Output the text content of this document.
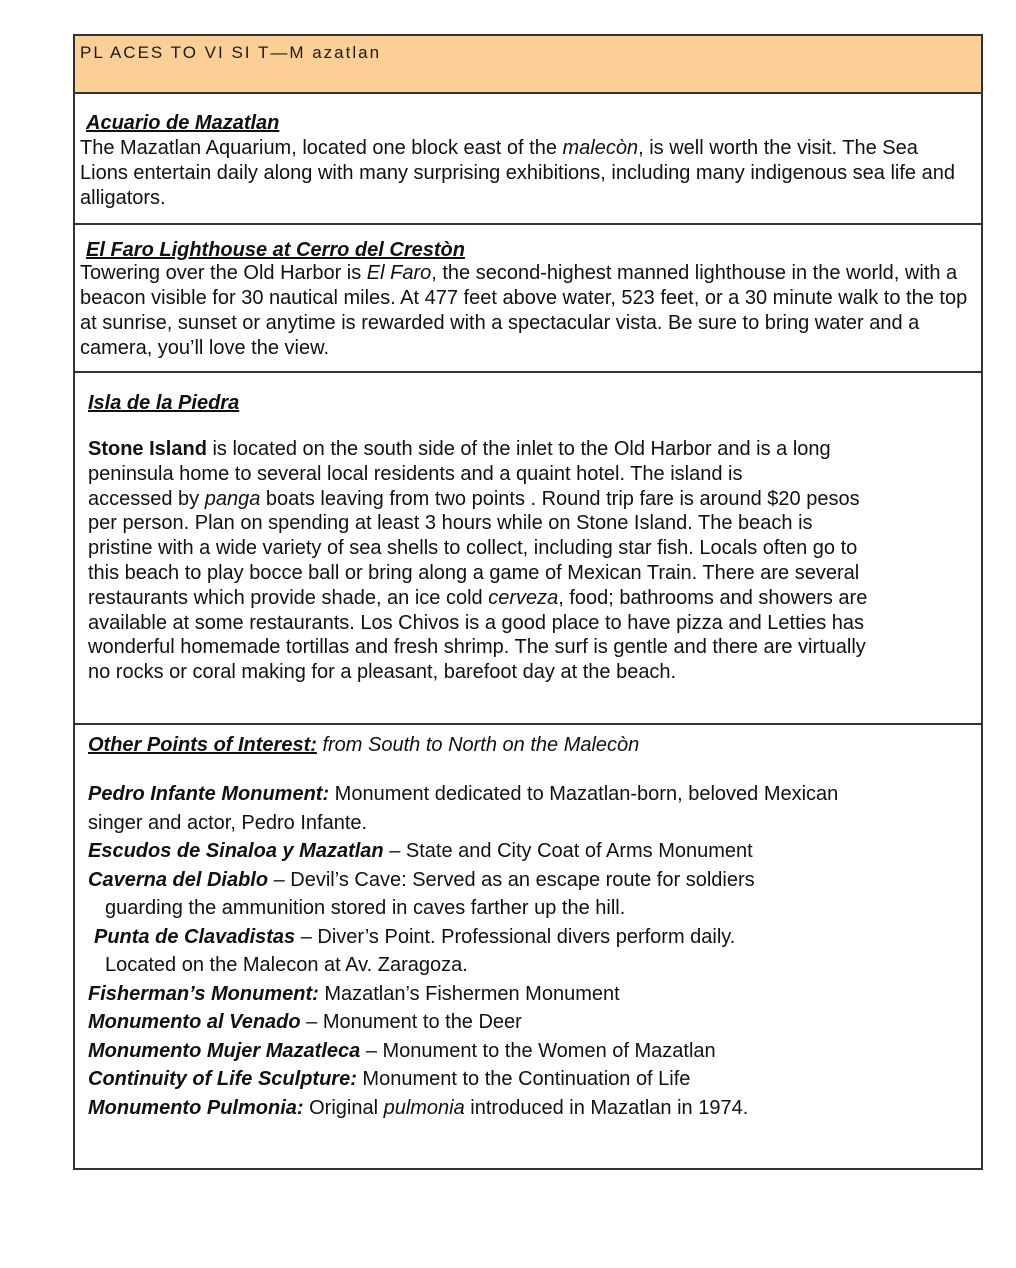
PL ACES TO VI SI T—M azatlan
Acuario de Mazatlan

The Mazatlan Aquarium, located one block east of the malecòn, is well worth the visit. The Sea Lions entertain daily along with many surprising exhibitions, including many indigenous sea life and alligators.

El Faro Lighthouse at Cerro del Crestòn

Towering over the Old Harbor is El Faro, the second-highest manned lighthouse in the world, with a beacon visible for 30 nautical miles. At 477 feet above water, 523 feet, or a 30 minute walk to the top at sunrise, sunset or anytime is rewarded with a spectacular vista. Be sure to bring water and a camera, you’ll love the view.

Isla de la Piedra
Stone Island is located on the south side of the inlet to the Old Harbor and is a long
peninsula home to several local residents and a quaint hotel. The island is
accessed by panga boats leaving from two points . Round trip fare is around $20 pesos
per person. Plan on spending at least 3 hours while on Stone Island. The beach is
pristine with a wide variety of sea shells to collect, including star fish. Locals often go to
this beach to play bocce ball or bring along a game of Mexican Train. There are several
restaurants which provide shade, an ice cold cerveza, food; bathrooms and showers are
available at some restaurants. Los Chivos is a good place to have pizza and Letties has
wonderful homemade tortillas and fresh shrimp. The surf is gentle and there are virtually
no rocks or coral making for a pleasant, barefoot day at the beach.
Other Points of Interest: from South to North on the Malecòn

Pedro Infante Monument: Monument dedicated to Mazatlan-born, beloved Mexican

singer and actor, Pedro Infante.

Escudos de Sinaloa y Mazatlan – State and City Coat of Arms Monument

Caverna del Diablo – Devil’s Cave: Served as an escape route for soldiers

guarding the ammunition stored in caves farther up the hill.

Punta de Clavadistas – Diver’s Point. Professional divers perform daily.

Located on the Malecon at Av. Zaragoza.

Fisherman’s Monument: Mazatlan’s Fishermen Monument

Monumento al Venado – Monument to the Deer

Monumento Mujer Mazatleca – Monument to the Women of Mazatlan

Continuity of Life Sculpture: Monument to the Continuation of Life

Monumento Pulmonia: Original pulmonia introduced in Mazatlan in 1974.
